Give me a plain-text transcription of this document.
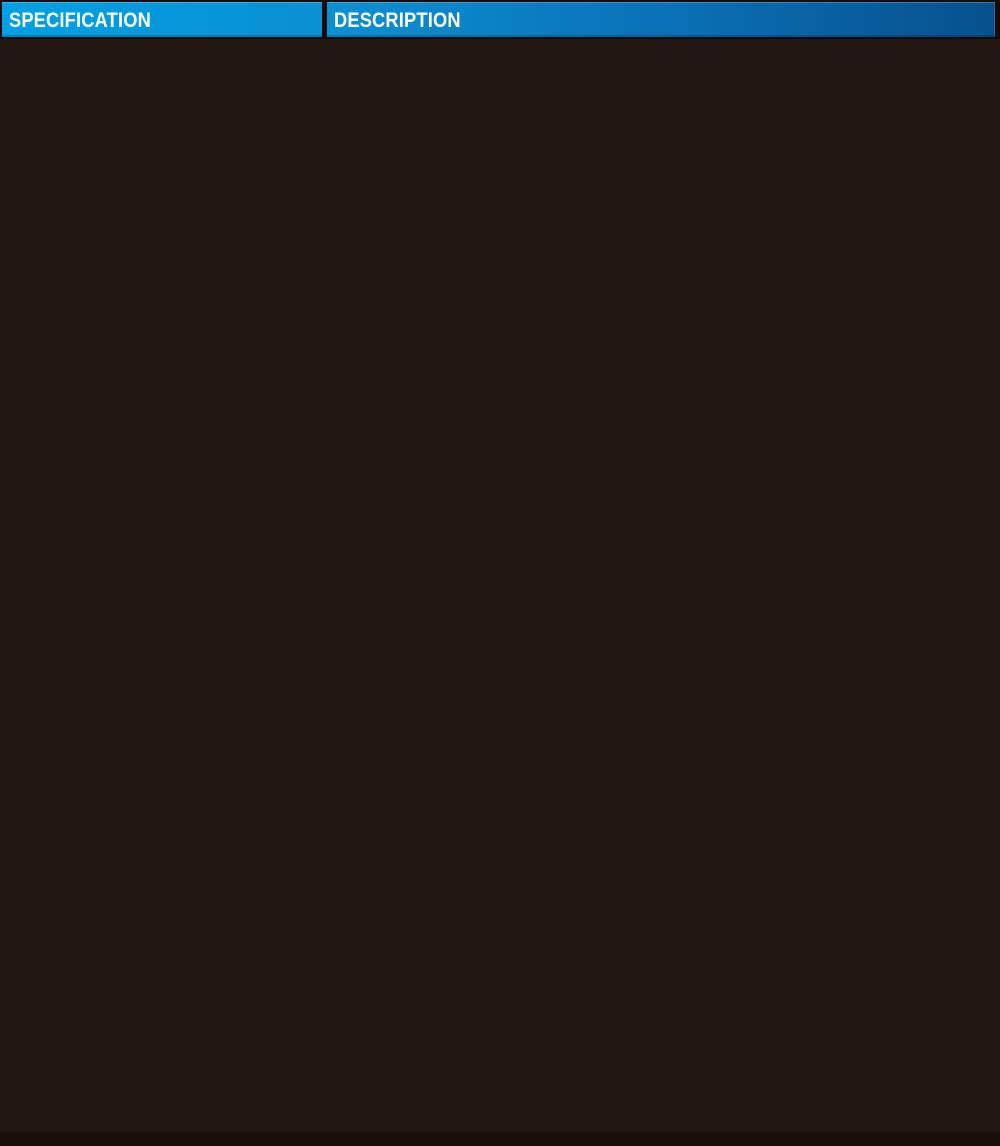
SPECIFICATION	DESCRIPTION
